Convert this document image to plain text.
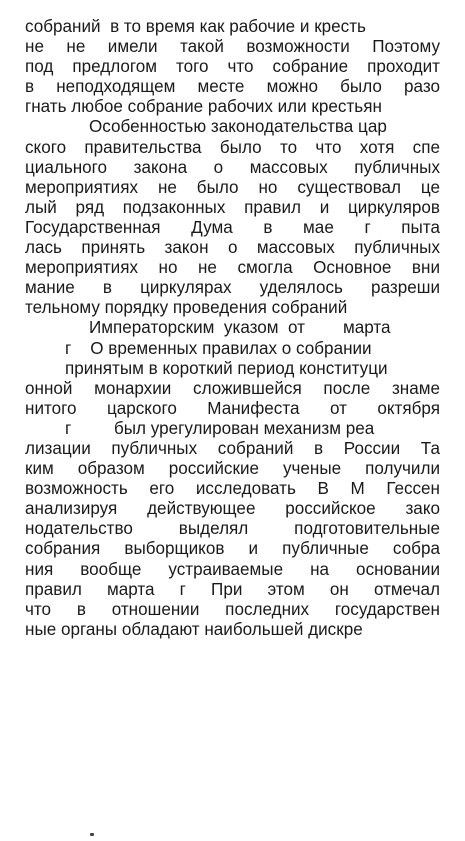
собраний  в то время как рабочие и кресть
не не имели такой возможности Поэтому
под предлогом того что собрание проходит
в неподходящем месте можно было разо
гнать любое собрание рабочих или крестьян
Особенностью законодательства цар
ского правительства было то что хотя спе
циального закона о массовых публичных
мероприятиях не было но существовал це
лый ряд подзаконных правил и циркуляров
Государственная Дума в мае г пыта
лась принять закон о массовых публичных
мероприятиях но не смогла Основное вни
мание в циркулярах уделялось разреши
тельному порядку проведения собраний
Императорским  указом  от        марта
г    О временных правилах о собрании
принятым в короткий период конституци
онной монархии сложившейся после знаме
нитого царского Манифеста от октября
г         был урегулирован механизм реа
лизации публичных собраний в России Та
ким образом российские ученые получили
возможность его исследовать В М Гессен
анализируя действующее российское зако
нодательство выделял подготовительные
собрания выборщиков и публичные собра
ния вообще устраиваемые на основании
правил марта г При этом он отмечал
что в отношении последних государствен
ные органы обладают наибольшей дискре
